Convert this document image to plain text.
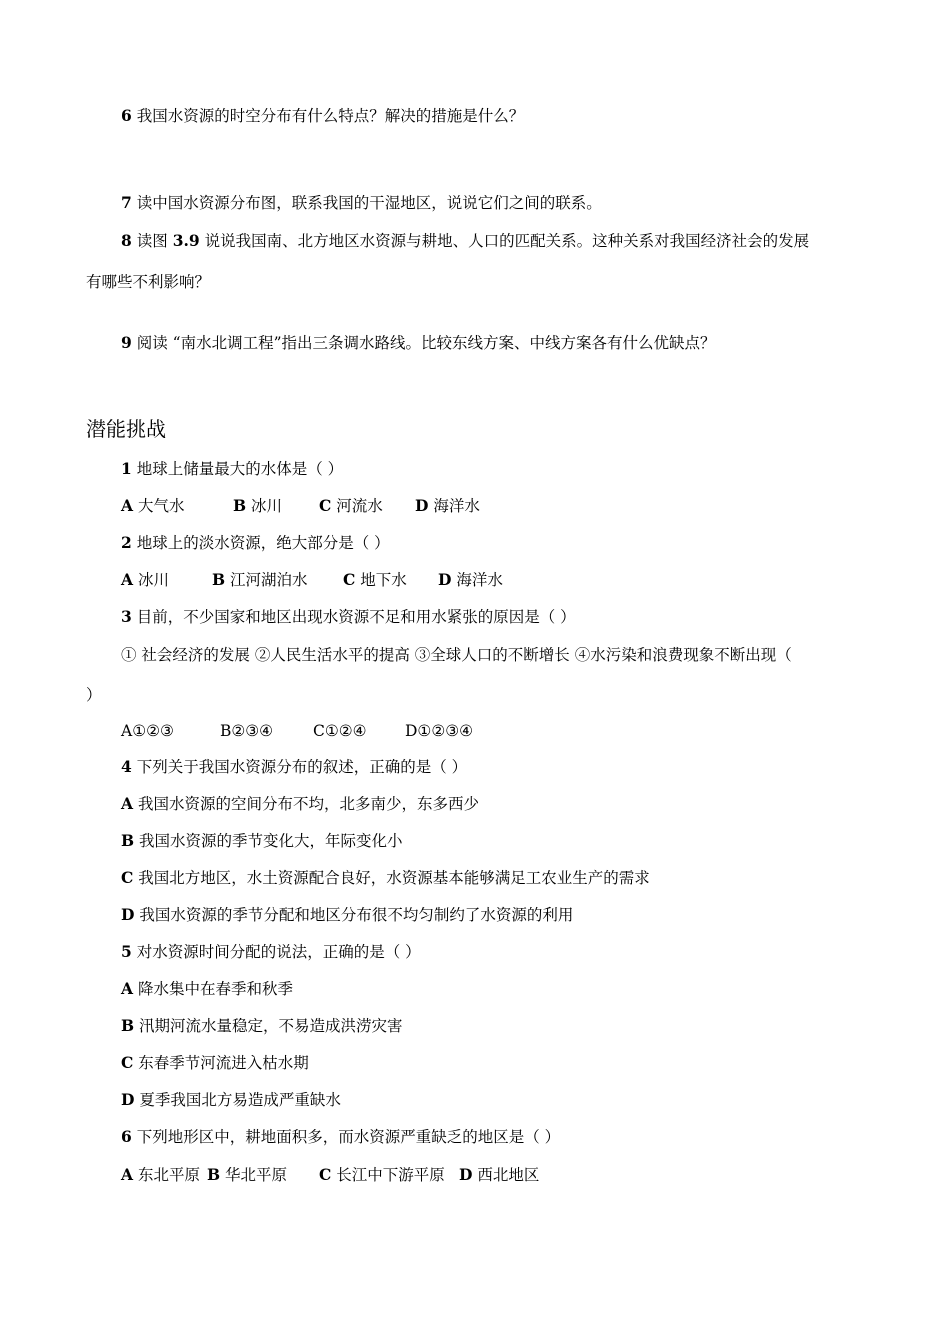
6 我国水资源的时空分布有什么特点？解决的措施是什么？
7 读中国水资源分布图，联系我国的干湿地区，说说它们之间的联系。
8 读图 3.9 说说我国南、北方地区水资源与耕地、人口的匹配关系。这种关系对我国经济社会的发展
有哪些不利影响？
9 阅读 “南水北调工程”指出三条调水路线。比较东线方案、中线方案各有什么优缺点？
潜能挑战
1 地球上储量最大的水体是（ ）
A 大气水	B 冰川 C 河流水 D 海洋水
2 地球上的淡水资源，绝大部分是（ ）
A 冰川	B 江河湖泊水 C 地下水 D 海洋水
3 目前，不少国家和地区出现水资源不足和用水紧张的原因是（ ）
① 社会经济的发展 ②人民生活水平的提高 ③全球人口的不断增长 ④水污染和浪费现象不断出现（
）
A①②③	B②③④	C①②④ D①②③④
4 下列关于我国水资源分布的叙述，正确的是（ ）
A 我国水资源的空间分布不均，北多南少，东多西少
B 我国水资源的季节变化大，年际变化小
C 我国北方地区，水土资源配合良好，水资源基本能够满足工农业生产的需求
D 我国水资源的季节分配和地区分布很不均匀制约了水资源的利用
5 对水资源时间分配的说法，正确的是（ ）
A 降水集中在春季和秋季
B 汛期河流水量稳定，不易造成洪涝灾害
C 东春季节河流进入枯水期
D 夏季我国北方易造成严重缺水
6 下列地形区中，耕地面积多，而水资源严重缺乏的地区是（ ）
A 东北平原 B 华北平原 C 长江中下游平原 D 西北地区
